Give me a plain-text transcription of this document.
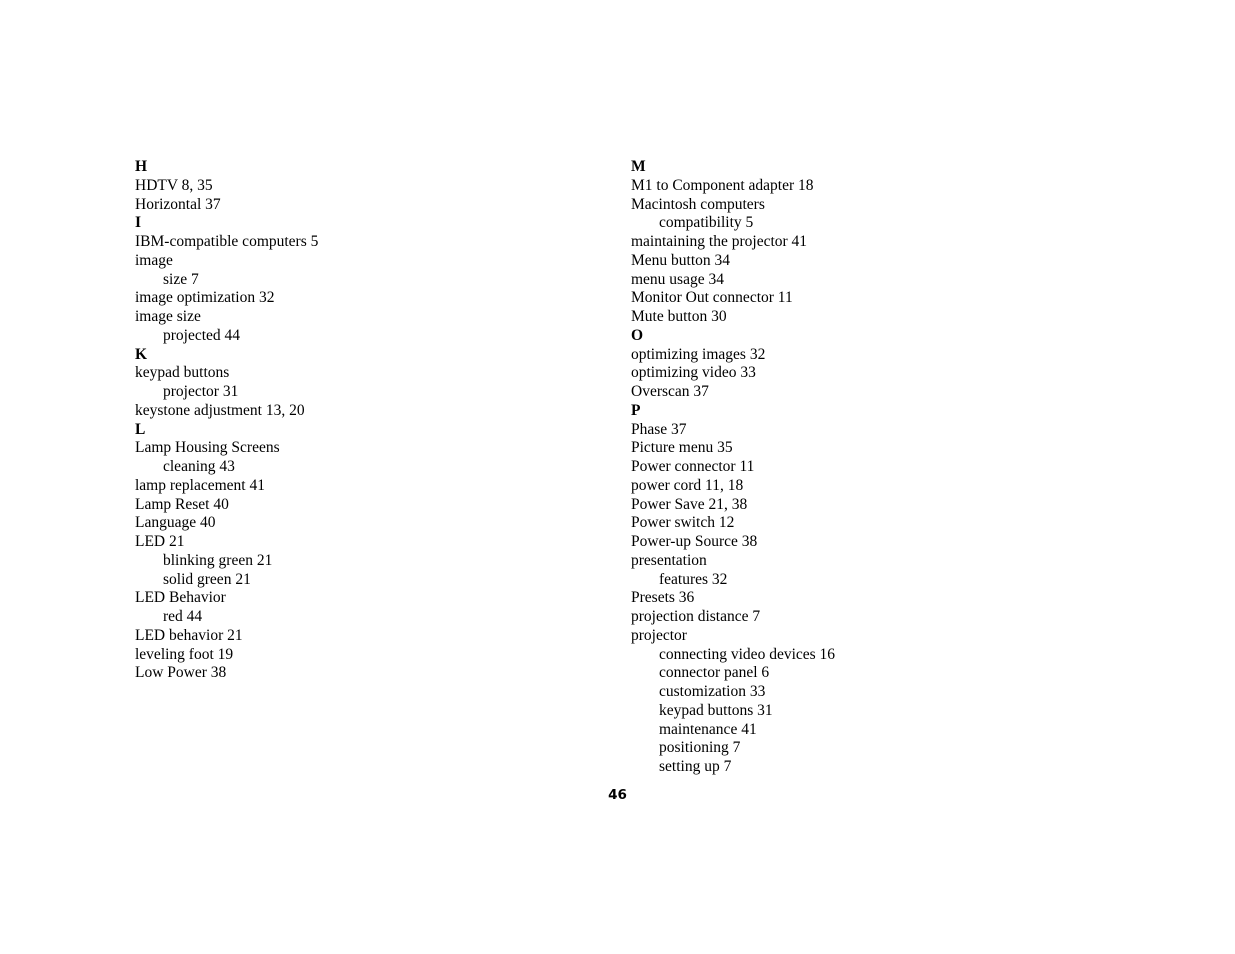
H
HDTV 8, 35
Horizontal 37
I
IBM-compatible computers 5
image
size 7
image optimization 32
image size
projected 44
K
keypad buttons
projector 31
keystone adjustment 13, 20
L
Lamp Housing Screens
cleaning 43
lamp replacement 41
Lamp Reset 40
Language 40
LED 21
blinking green 21
solid green 21
LED Behavior
red 44
LED behavior 21
leveling foot 19
Low Power 38
M
M1 to Component adapter 18
Macintosh computers
compatibility 5
maintaining the projector 41
Menu button 34
menu usage 34
Monitor Out connector 11
Mute button 30
O
optimizing images 32
optimizing video 33
Overscan 37
P
Phase 37
Picture menu 35
Power connector 11
power cord 11, 18
Power Save 21, 38
Power switch 12
Power-up Source 38
presentation
features 32
Presets 36
projection distance 7
projector
connecting video devices 16
connector panel 6
customization 33
keypad buttons 31
maintenance 41
positioning 7
setting up 7
46
